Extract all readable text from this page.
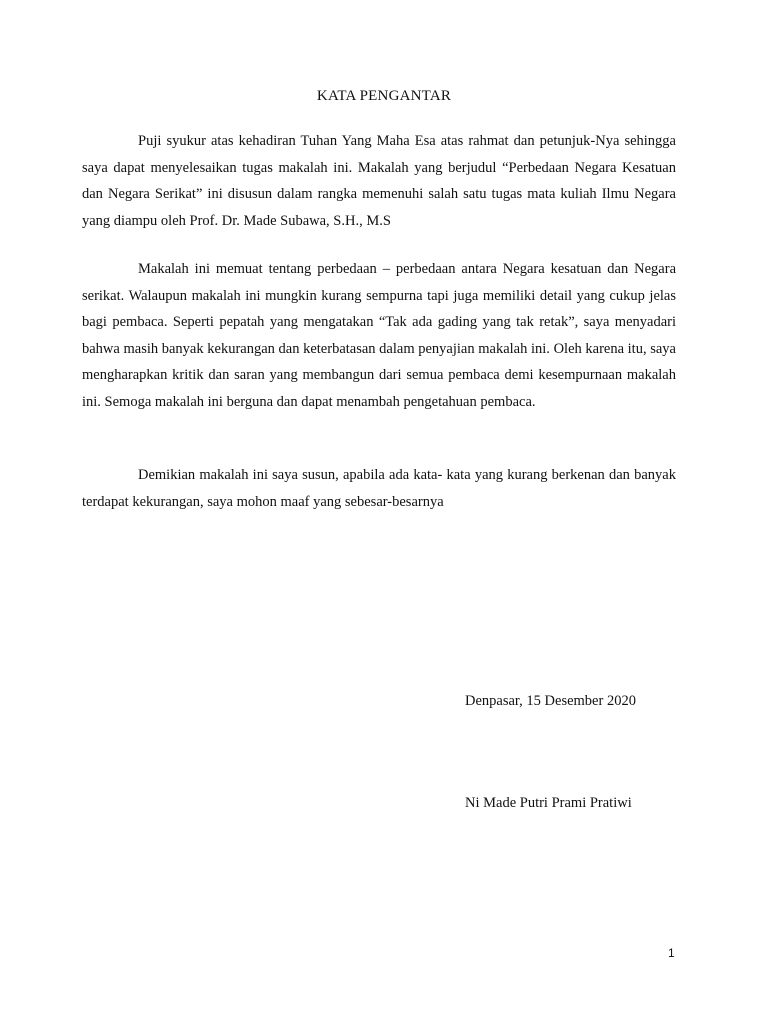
KATA PENGANTAR

Puji syukur atas kehadiran Tuhan Yang Maha Esa atas rahmat dan petunjuk-Nya sehingga saya dapat menyelesaikan tugas makalah ini. Makalah yang berjudul “Perbedaan Negara Kesatuan dan Negara Serikat” ini disusun dalam rangka memenuhi salah satu tugas mata kuliah Ilmu Negara yang diampu oleh Prof. Dr. Made Subawa, S.H., M.S

Makalah ini memuat tentang perbedaan – perbedaan antara Negara kesatuan dan Negara serikat. Walaupun makalah ini mungkin kurang sempurna tapi juga memiliki detail yang cukup jelas bagi pembaca. Seperti pepatah yang mengatakan “Tak ada gading yang tak retak”, saya menyadari bahwa masih banyak kekurangan dan keterbatasan dalam penyajian makalah ini. Oleh karena itu, saya mengharapkan kritik dan saran yang membangun dari semua pembaca demi kesempurnaan makalah ini. Semoga makalah ini berguna dan dapat menambah pengetahuan pembaca.

Demikian makalah ini saya susun, apabila ada kata- kata yang kurang berkenan dan banyak terdapat kekurangan, saya mohon maaf yang sebesar-besarnya

Denpasar, 15 Desember 2020
Ni Made Putri Prami Pratiwi
1
